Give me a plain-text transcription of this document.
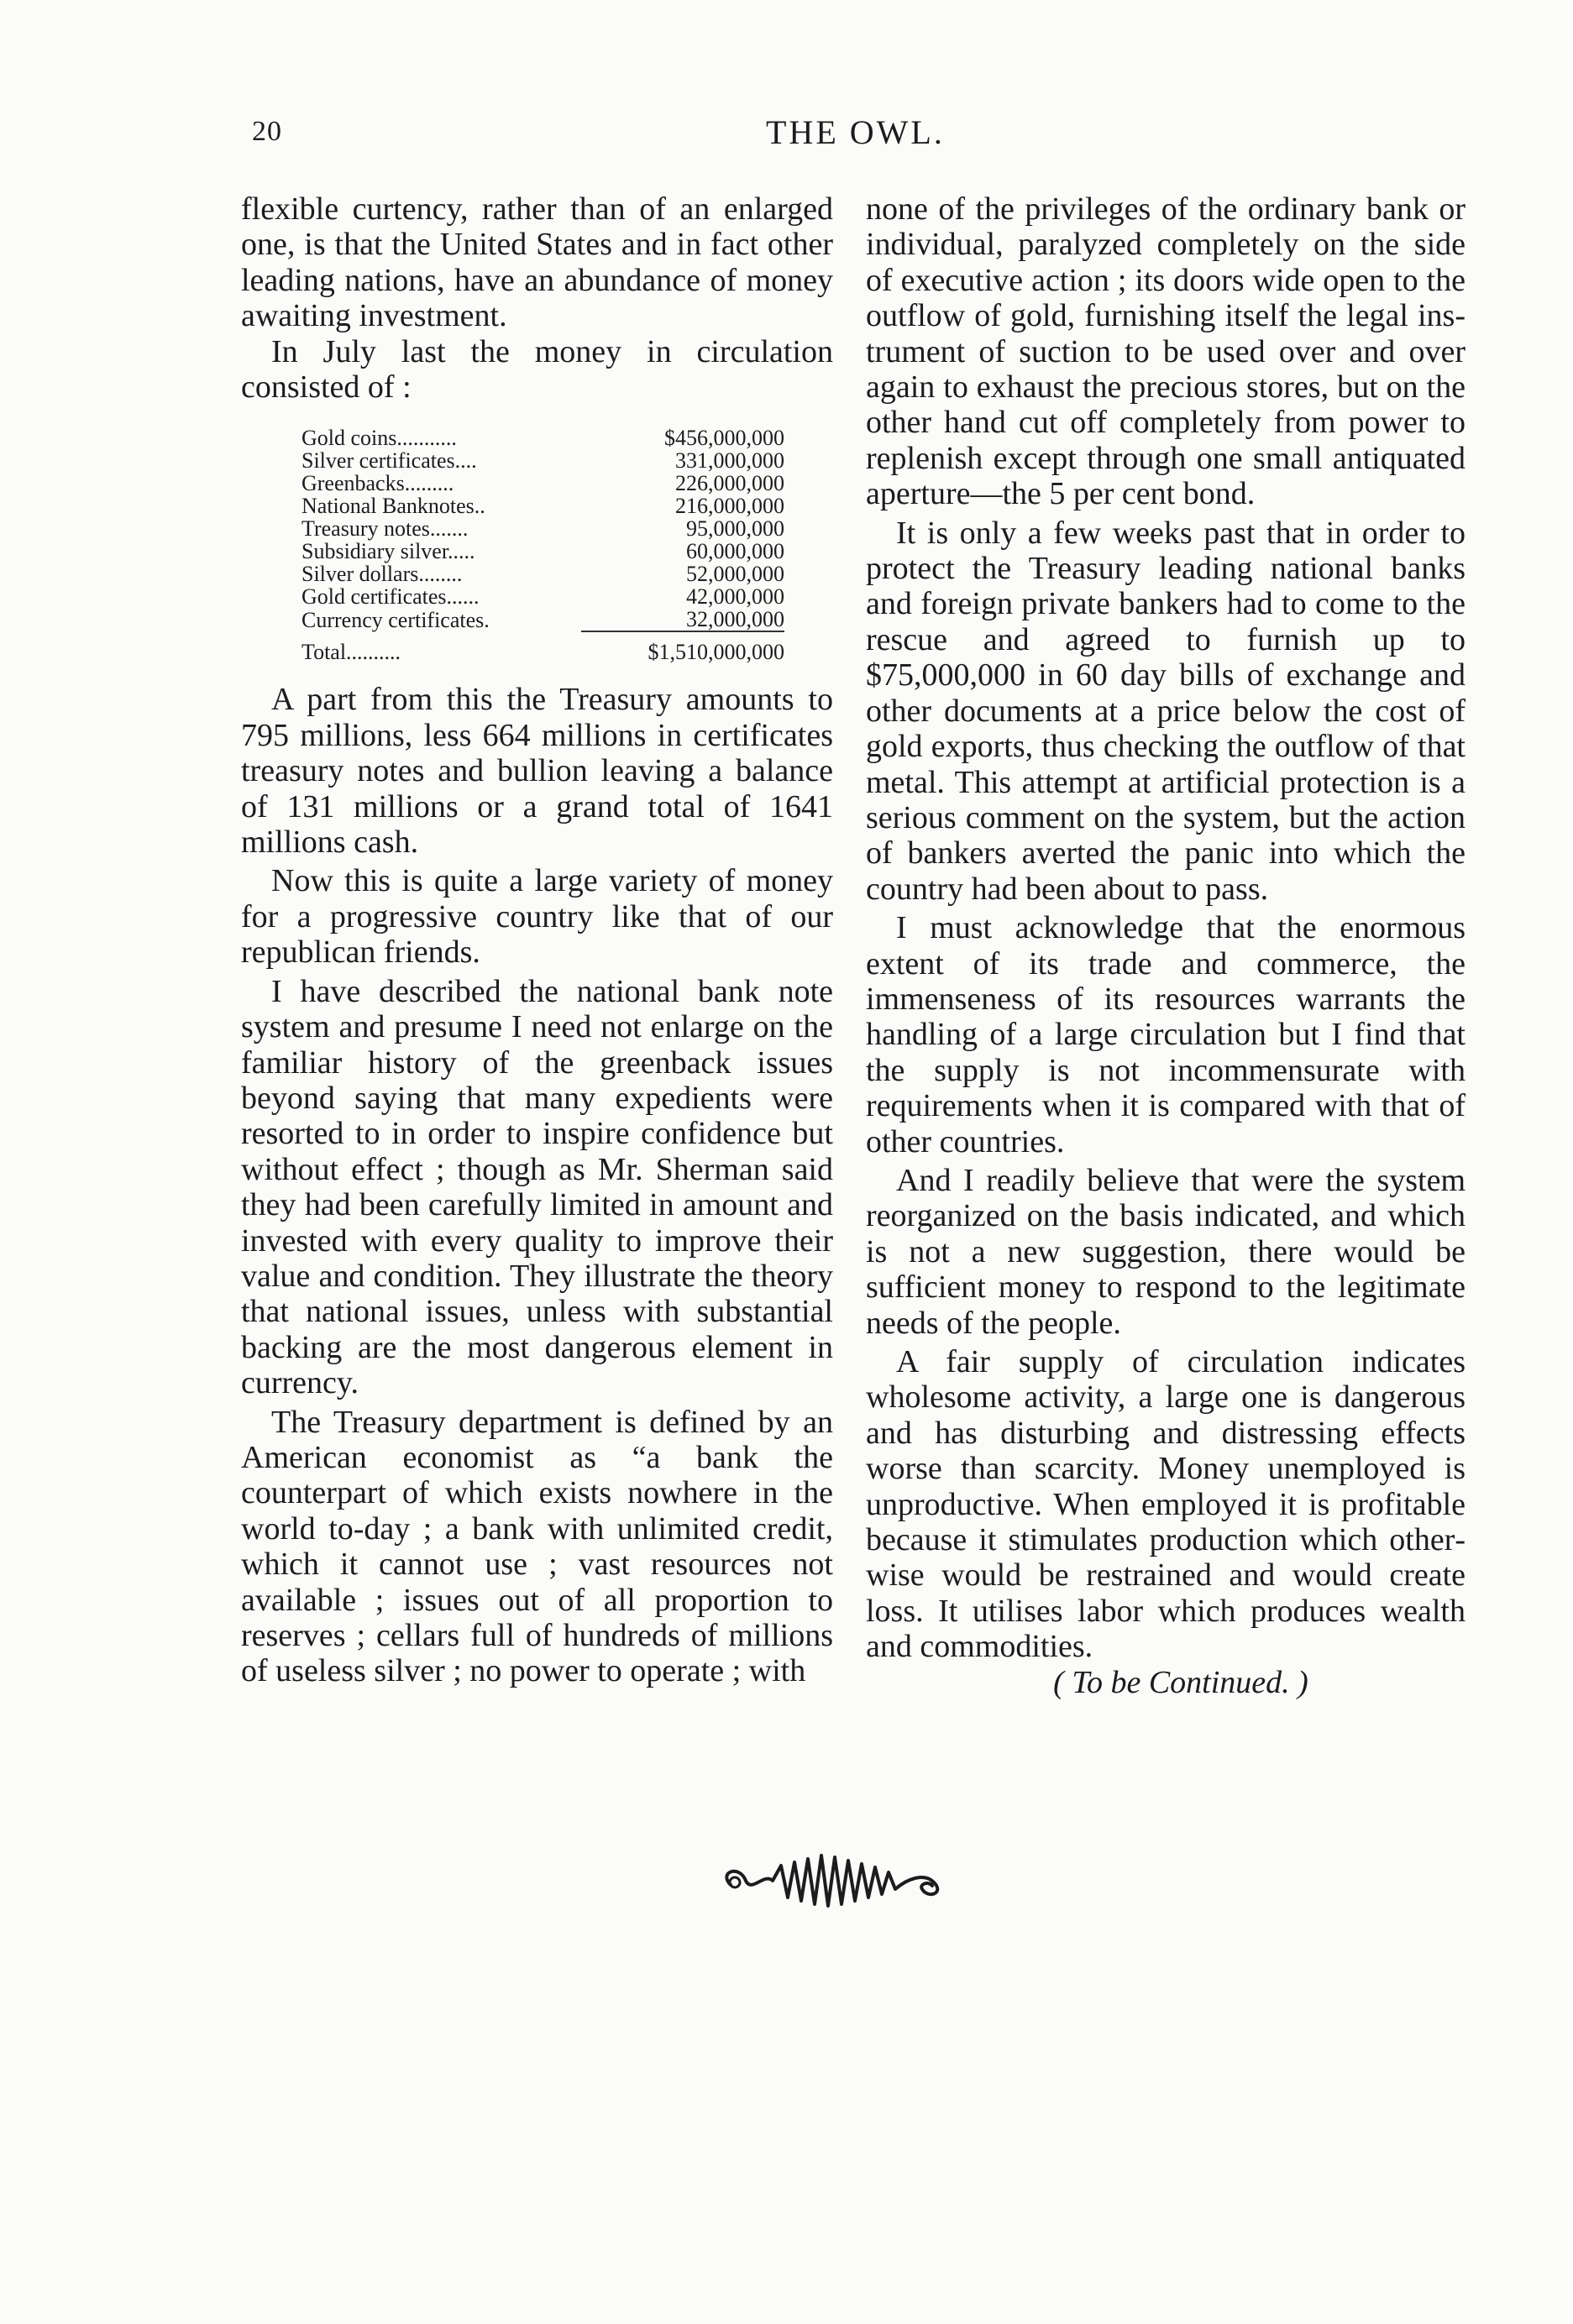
20	THE OWL.

flexible curtency, rather than of an enlarged one, is that the United States and in fact other leading nations, have an abundance of money awaiting investment.

In July last the money in circulation consisted of :

Gold coins...........	$456,000,000
Silver certificates....	331,000,000
Greenbacks.........	226,000,000
National Banknotes..	216,000,000
Treasury notes.......	95,000,000
Subsidiary silver.....	60,000,000
Silver dollars........	52,000,000
Gold certificates......	42,000,000
Currency certificates.	32,000,000

Total..........	$1,510,000,000

A part from this the Treasury amounts to 795 millions, less 664 millions in certificates treasury notes and bullion leaving a balance of 131 millions or a grand total of 1641 millions cash.

Now this is quite a large variety of money for a progressive country like that of our republican friends.

I have described the national bank note system and presume I need not enlarge on the familiar history of the greenback issues beyond saying that many expedients were resorted to in order to inspire confidence but without effect ; though as Mr. Sherman said they had been carefully limited in amount and invested with every quality to improve their value and condition. They illustrate the theory that national issues, unless with substantial backing are the most dangerous element in currency.

The Treasury department is defined by an American economist as “a bank the counterpart of which exists nowhere in the world to-day ; a bank with unlimited credit, which it cannot use ; vast resources not available ; issues out of all proportion to reserves ; cellars full of hundreds of millions of useless silver ; no power to operate ; with

none of the privileges of the ordinary bank or individual, paralyzed completely on the side of executive action ; its doors wide open to the outflow of gold, furnishing itself the legal instrument of suction to be used over and over again to exhaust the precious stores, but on the other hand cut off completely from power to replenish except through one small antiquated aperture—the 5 per cent bond.

It is only a few weeks past that in order to protect the Treasury leading national banks and foreign private bankers had to come to the rescue and agreed to furnish up to $75,000,000 in 60 day bills of exchange and other documents at a price below the cost of gold exports, thus checking the outflow of that metal. This attempt at artificial protection is a serious comment on the system, but the action of bankers averted the panic into which the country had been about to pass.

I must acknowledge that the enormous extent of its trade and commerce, the immenseness of its resources warrants the handling of a large circulation but I find that the supply is not incommensurate with requirements when it is compared with that of other countries.

And I readily believe that were the system reorganized on the basis indicated, and which is not a new suggestion, there would be sufficient money to respond to the legitimate needs of the people.

A fair supply of circulation indicates wholesome activity, a large one is dangerous and has disturbing and distressing effects worse than scarcity. Money unemployed is unproductive. When employed it is profitable because it stimulates production which otherwise would be restrained and would create loss. It utilises labor which produces wealth and commodities.

( To be Continued. )
